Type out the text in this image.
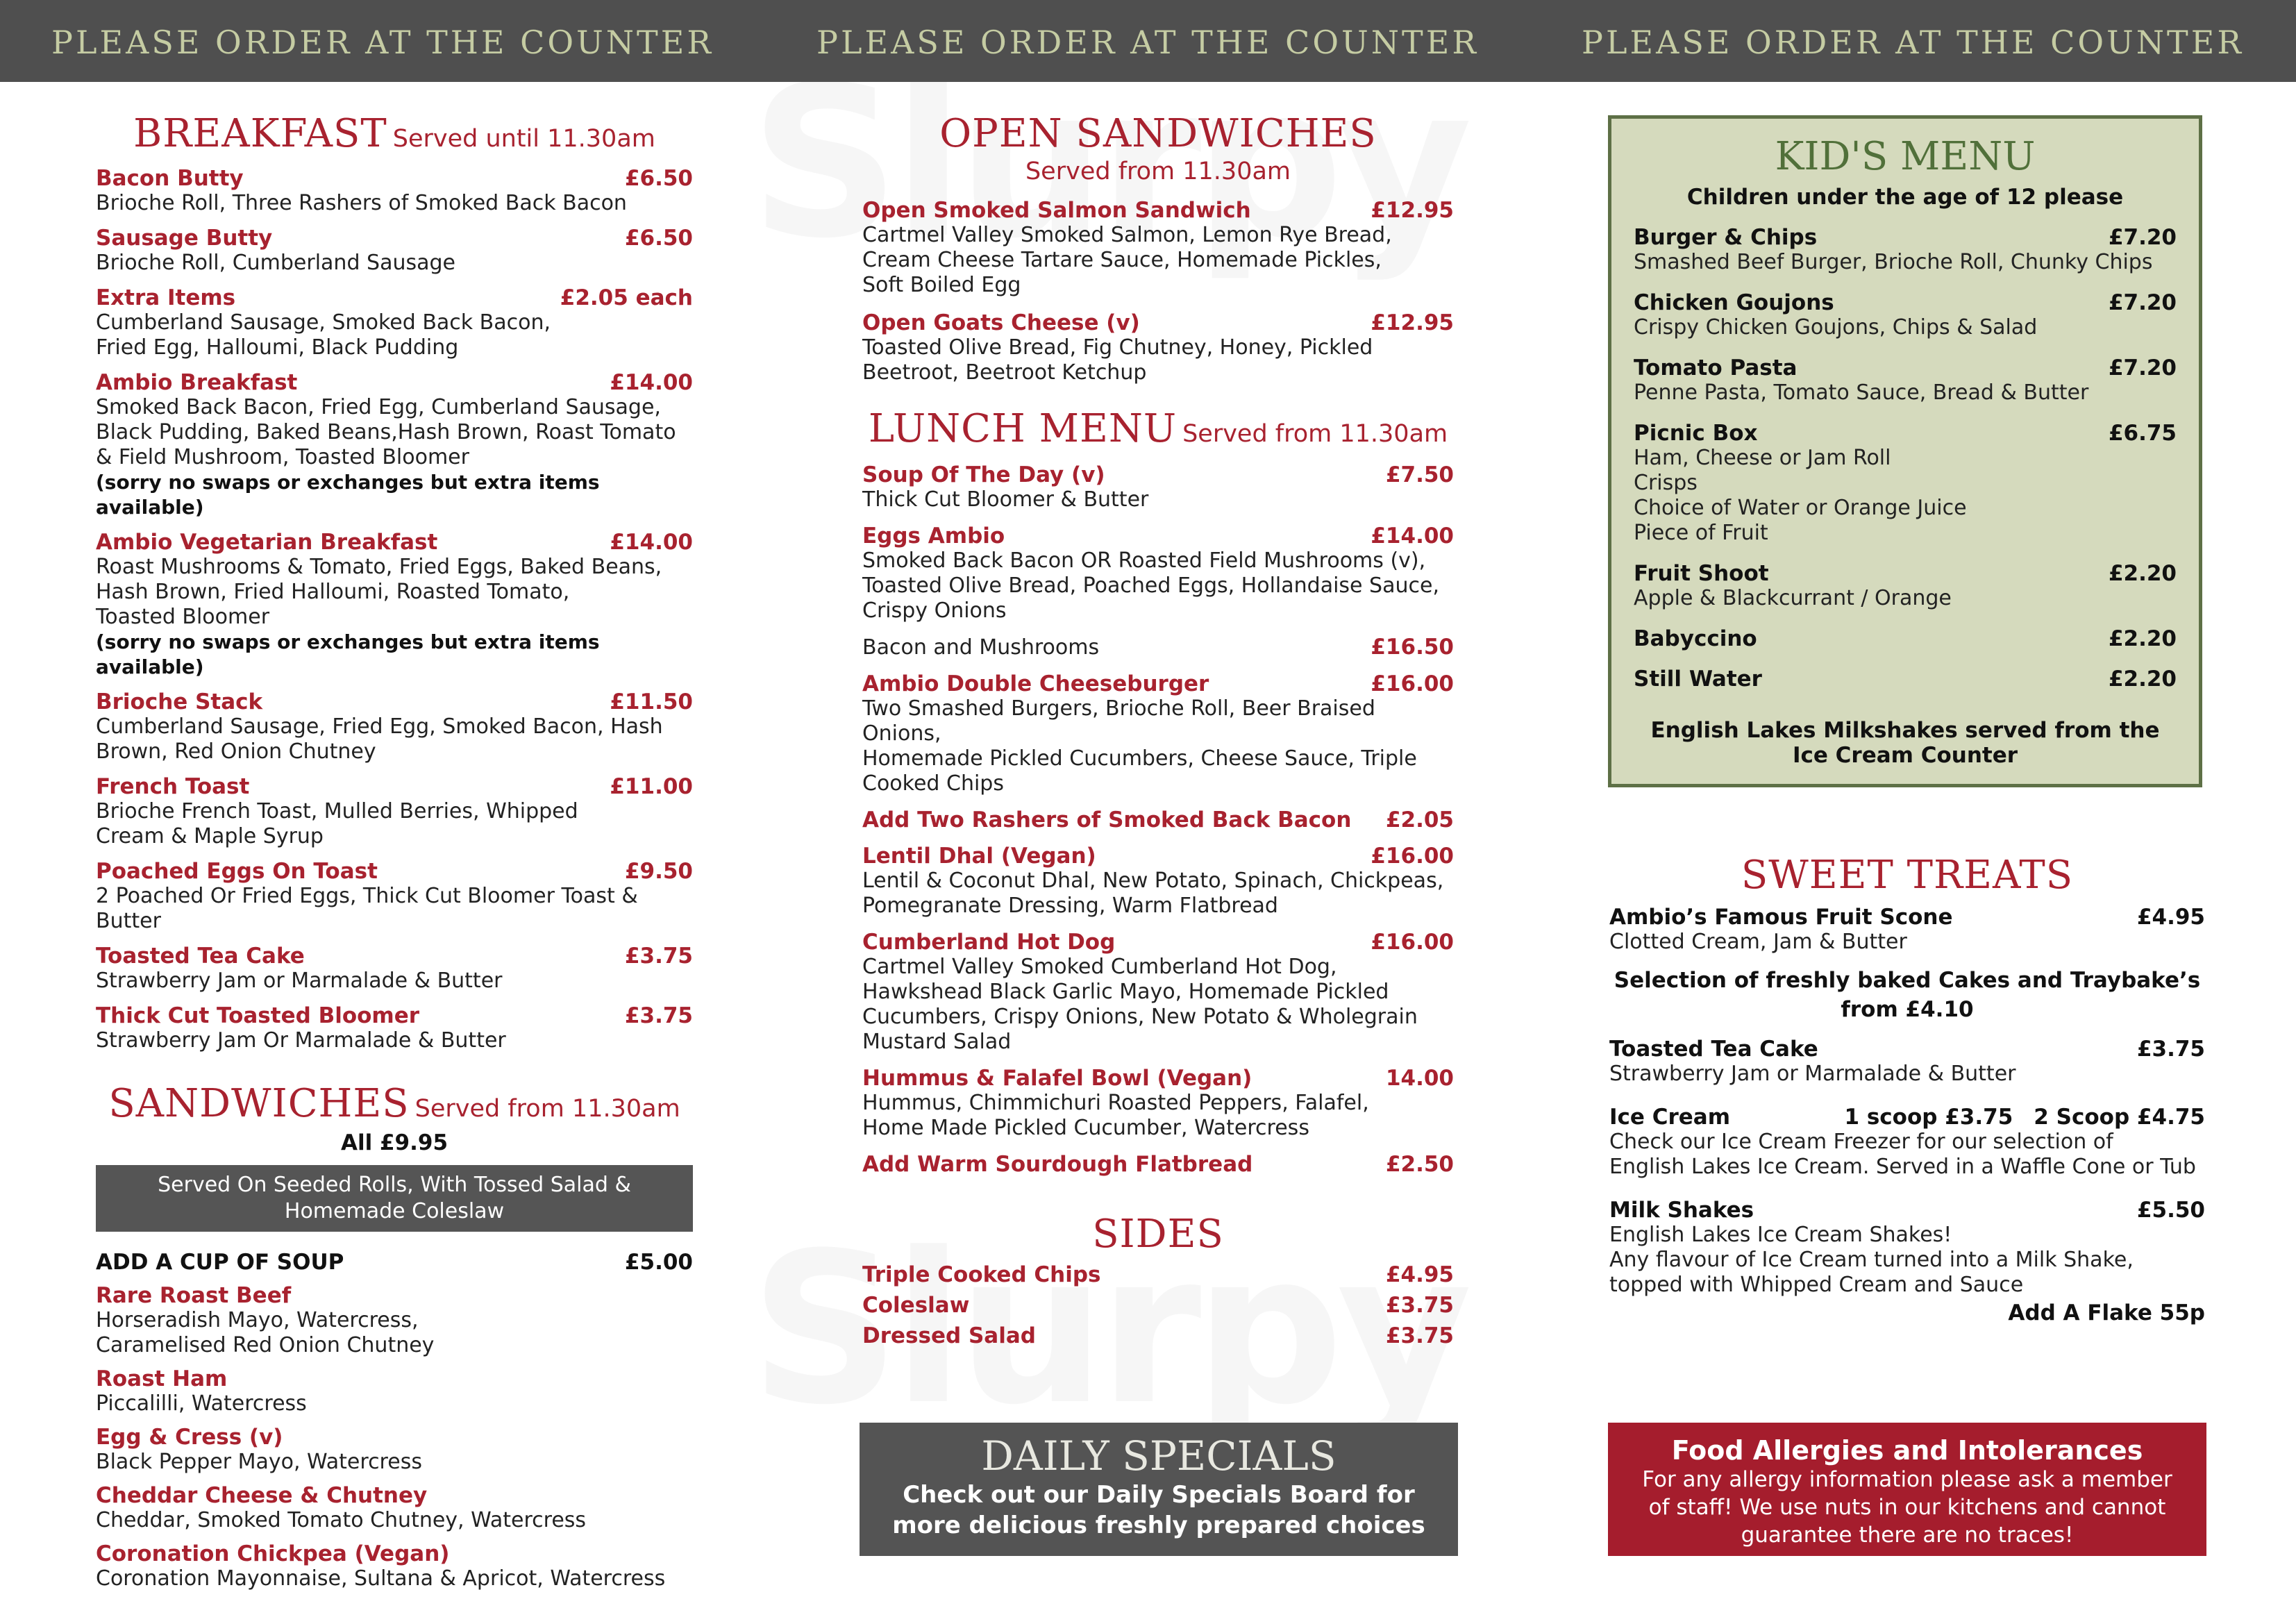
PLEASE ORDER AT THE COUNTER	PLEASE ORDER AT THE COUNTER	PLEASE ORDER AT THE COUNTER
BREAKFAST Served until 11.30am
Bacon Butty	£6.50
Brioche Roll, Three Rashers of Smoked Back Bacon
Sausage Butty	£6.50
Brioche Roll, Cumberland Sausage
Extra Items	£2.05 each
Cumberland Sausage, Smoked Back Bacon,
Fried Egg, Halloumi, Black Pudding
Ambio Breakfast	£14.00
Smoked Back Bacon, Fried Egg, Cumberland Sausage,
Black Pudding, Baked Beans,Hash Brown, Roast Tomato
& Field Mushroom, Toasted Bloomer
(sorry no swaps or exchanges but extra items available)
Ambio Vegetarian Breakfast	£14.00
Roast Mushrooms & Tomato, Fried Eggs, Baked Beans,
Hash Brown, Fried Halloumi, Roasted Tomato,
Toasted Bloomer
(sorry no swaps or exchanges but extra items available)
Brioche Stack	£11.50
Cumberland Sausage, Fried Egg, Smoked Bacon, Hash
Brown, Red Onion Chutney
French Toast	£11.00
Brioche French Toast, Mulled Berries, Whipped
Cream & Maple Syrup
Poached Eggs On Toast	£9.50
2 Poached Or Fried Eggs, Thick Cut Bloomer Toast &
Butter
Toasted Tea Cake	£3.75
Strawberry Jam or Marmalade & Butter
Thick Cut Toasted Bloomer	£3.75
Strawberry Jam Or Marmalade & Butter
SANDWICHES Served from 11.30am
All £9.95
Served On Seeded Rolls, With Tossed Salad &
Homemade Coleslaw
ADD A CUP OF SOUP	£5.00
Rare Roast Beef
Horseradish Mayo, Watercress,
Caramelised Red Onion Chutney
Roast Ham
Piccalilli, Watercress
Egg & Cress (v)
Black Pepper Mayo, Watercress
Cheddar Cheese & Chutney
Cheddar, Smoked Tomato Chutney, Watercress
Coronation Chickpea (Vegan)
Coronation Mayonnaise, Sultana & Apricot, Watercress
OPEN SANDWICHES
Served from 11.30am
Open Smoked Salmon Sandwich	£12.95
Cartmel Valley Smoked Salmon, Lemon Rye Bread,
Cream Cheese Tartare Sauce, Homemade Pickles,
Soft Boiled Egg
Open Goats Cheese (v)	£12.95
Toasted Olive Bread, Fig Chutney, Honey, Pickled
Beetroot, Beetroot Ketchup
LUNCH MENU Served from 11.30am
Soup Of The Day (v)	£7.50
Thick Cut Bloomer & Butter
Eggs Ambio	£14.00
Smoked Back Bacon OR Roasted Field Mushrooms (v),
Toasted Olive Bread, Poached Eggs, Hollandaise Sauce,
Crispy Onions
Bacon and Mushrooms	£16.50
Ambio Double Cheeseburger	£16.00
Two Smashed Burgers, Brioche Roll, Beer Braised Onions,
Homemade Pickled Cucumbers, Cheese Sauce, Triple
Cooked Chips
Add Two Rashers of Smoked Back Bacon £2.05
Lentil Dhal (Vegan)	£16.00
Lentil & Coconut Dhal, New Potato, Spinach, Chickpeas,
Pomegranate Dressing, Warm Flatbread
Cumberland Hot Dog	£16.00
Cartmel Valley Smoked Cumberland Hot Dog,
Hawkshead Black Garlic Mayo, Homemade Pickled
Cucumbers, Crispy Onions, New Potato & Wholegrain
Mustard Salad
Hummus & Falafel Bowl (Vegan)	14.00
Hummus, Chimmichuri Roasted Peppers, Falafel,
Home Made Pickled Cucumber, Watercress
Add Warm Sourdough Flatbread	£2.50
SIDES
Triple Cooked Chips	£4.95
Coleslaw	£3.75
Dressed Salad	£3.75
DAILY SPECIALS
Check out our Daily Specials Board for
more delicious freshly prepared choices
KID'S MENU
Children under the age of 12 please
Burger & Chips	£7.20
Smashed Beef Burger, Brioche Roll, Chunky Chips
Chicken Goujons	£7.20
Crispy Chicken Goujons, Chips & Salad
Tomato Pasta	£7.20
Penne Pasta, Tomato Sauce, Bread & Butter
Picnic Box	£6.75
Ham, Cheese or Jam Roll
Crisps
Choice of Water or Orange Juice
Piece of Fruit
Fruit Shoot	£2.20
Apple & Blackcurrant / Orange
Babyccino	£2.20
Still Water	£2.20
English Lakes Milkshakes served from the
Ice Cream Counter
SWEET TREATS
Ambio’s Famous Fruit Scone	£4.95
Clotted Cream, Jam & Butter
Selection of freshly baked Cakes and Traybake’s
from £4.10
Toasted Tea Cake	£3.75
Strawberry Jam or Marmalade & Butter
Ice Cream	1 scoop £3.75 2 Scoop £4.75
Check our Ice Cream Freezer for our selection of
English Lakes Ice Cream. Served in a Waffle Cone or Tub
Milk Shakes	£5.50
English Lakes Ice Cream Shakes!
Any flavour of Ice Cream turned into a Milk Shake,
topped with Whipped Cream and Sauce
Add A Flake 55p
Food Allergies and Intolerances
For any allergy information please ask a member
of staff! We use nuts in our kitchens and cannot
guarantee there are no traces!
